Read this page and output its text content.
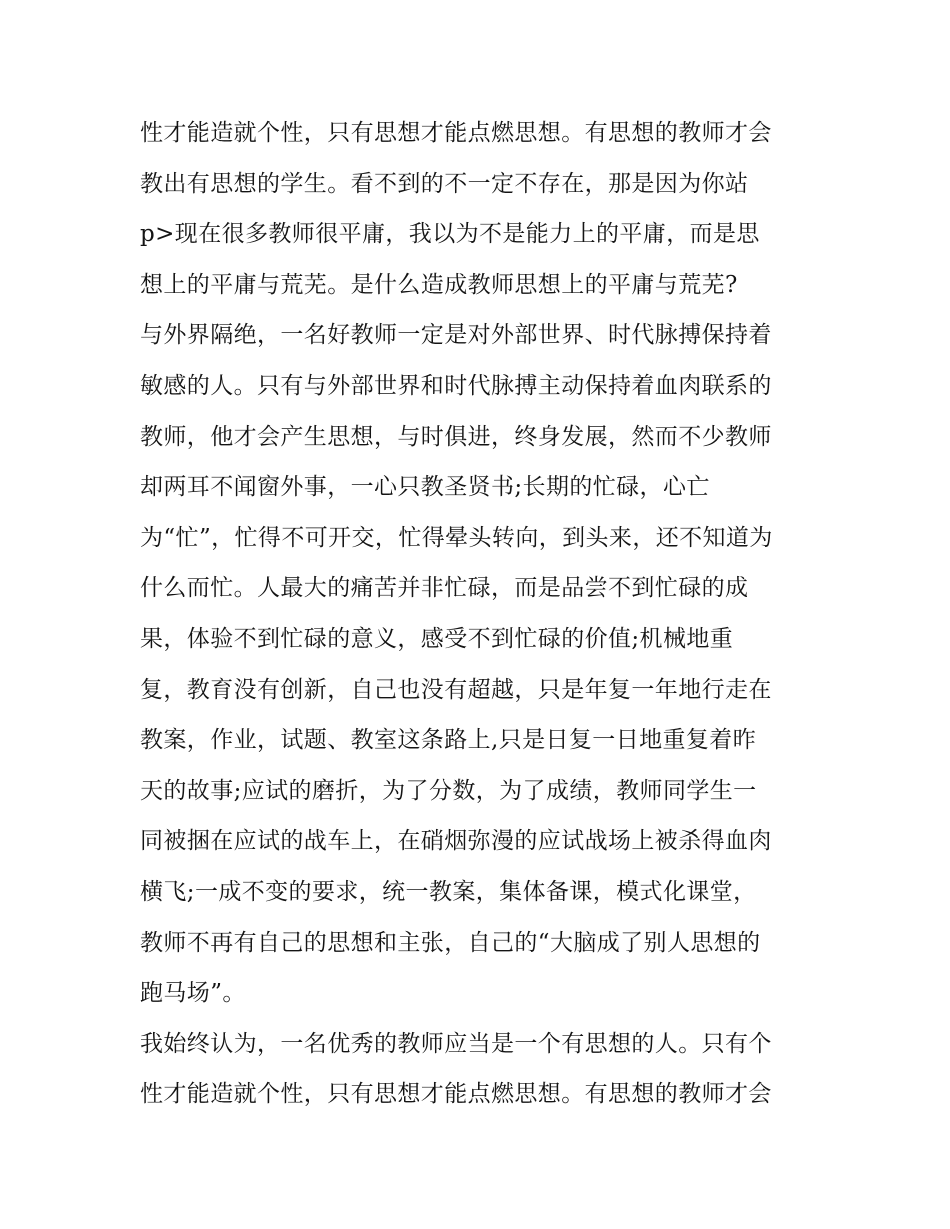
性才能造就个性，只有思想才能点燃思想。有思想的教师才会
教出有思想的学生。看不到的不一定不存在，那是因为你站
p>现在很多教师很平庸，我以为不是能力上的平庸，而是思
想上的平庸与荒芜。是什么造成教师思想上的平庸与荒芜?
与外界隔绝，一名好教师一定是对外部世界、时代脉搏保持着
敏感的人。只有与外部世界和时代脉搏主动保持着血肉联系的
教师，他才会产生思想，与时俱进，终身发展，然而不少教师
却两耳不闻窗外事，一心只教圣贤书;长期的忙碌，心亡
为“忙”，忙得不可开交，忙得晕头转向，到头来，还不知道为
什么而忙。人最大的痛苦并非忙碌，而是品尝不到忙碌的成
果，体验不到忙碌的意义，感受不到忙碌的价值;机械地重
复，教育没有创新，自己也没有超越，只是年复一年地行走在
教案，作业，试题、教室这条路上,只是日复一日地重复着昨
天的故事;应试的磨折，为了分数，为了成绩，教师同学生一
同被捆在应试的战车上，在硝烟弥漫的应试战场上被杀得血肉
横飞;一成不变的要求，统一教案，集体备课，模式化课堂，
教师不再有自己的思想和主张，自己的“大脑成了别人思想的
跑马场”。
我始终认为，一名优秀的教师应当是一个有思想的人。只有个
性才能造就个性，只有思想才能点燃思想。有思想的教师才会
